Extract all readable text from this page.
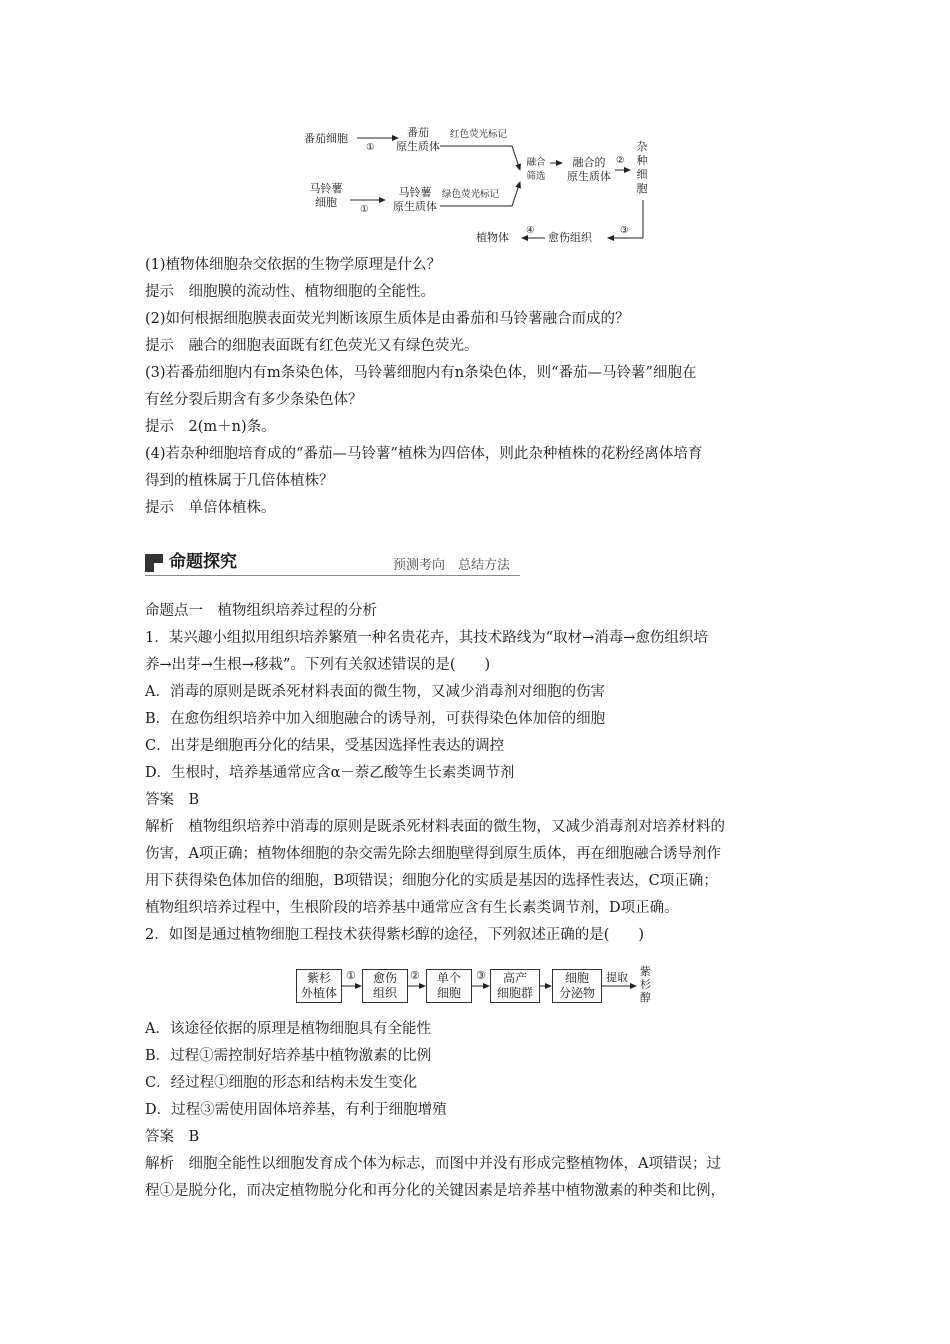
番茄细胞
①
番茄
原生质体
红色荧光标记
马铃薯
细胞
①
马铃薯
原生质体
绿色荧光标记
融合
筛选
融合的
原生质体
②
杂
种
细
胞
③
愈伤组织
④
植物体
(1)植物体细胞杂交依据的生物学原理是什么？
提示　细胞膜的流动性、植物细胞的全能性。
(2)如何根据细胞膜表面荧光判断该原生质体是由番茄和马铃薯融合而成的？
提示　融合的细胞表面既有红色荧光又有绿色荧光。
(3)若番茄细胞内有m条染色体，马铃薯细胞内有n条染色体，则“番茄—马铃薯”细胞在
有丝分裂后期含有多少条染色体？
提示　2(m＋n)条。
(4)若杂种细胞培育成的“番茄—马铃薯”植株为四倍体，则此杂种植株的花粉经离体培育
得到的植株属于几倍体植株？
提示　单倍体植株。
命题探究	预测考向　总结方法
命题点一　植物组织培养过程的分析
1．某兴趣小组拟用组织培养繁殖一种名贵花卉，其技术路线为“取材→消毒→愈伤组织培
养→出芽→生根→移栽”。下列有关叙述错误的是(　　)
A．消毒的原则是既杀死材料表面的微生物，又减少消毒剂对细胞的伤害
B．在愈伤组织培养中加入细胞融合的诱导剂，可获得染色体加倍的细胞
C．出芽是细胞再分化的结果，受基因选择性表达的调控
D．生根时，培养基通常应含α－萘乙酸等生长素类调节剂
答案　B
解析　植物组织培养中消毒的原则是既杀死材料表面的微生物，又减少消毒剂对培养材料的
伤害，A项正确；植物体细胞的杂交需先除去细胞壁得到原生质体，再在细胞融合诱导剂作
用下获得染色体加倍的细胞，B项错误；细胞分化的实质是基因的选择性表达，C项正确；
植物组织培养过程中，生根阶段的培养基中通常应含有生长素类调节剂，D项正确。
2．如图是通过植物细胞工程技术获得紫杉醇的途径，下列叙述正确的是(　　)
紫杉
外植体
愈伤
组织
单个
细胞
高产
细胞群
细胞
分泌物
①	②	③	提取 紫
杉
醇
A．该途径依据的原理是植物细胞具有全能性
B．过程①需控制好培养基中植物激素的比例
C．经过程①细胞的形态和结构未发生变化
D．过程③需使用固体培养基，有利于细胞增殖
答案　B
解析　细胞全能性以细胞发育成个体为标志，而图中并没有形成完整植物体，A项错误；过
程①是脱分化，而决定植物脱分化和再分化的关键因素是培养基中植物激素的种类和比例，
